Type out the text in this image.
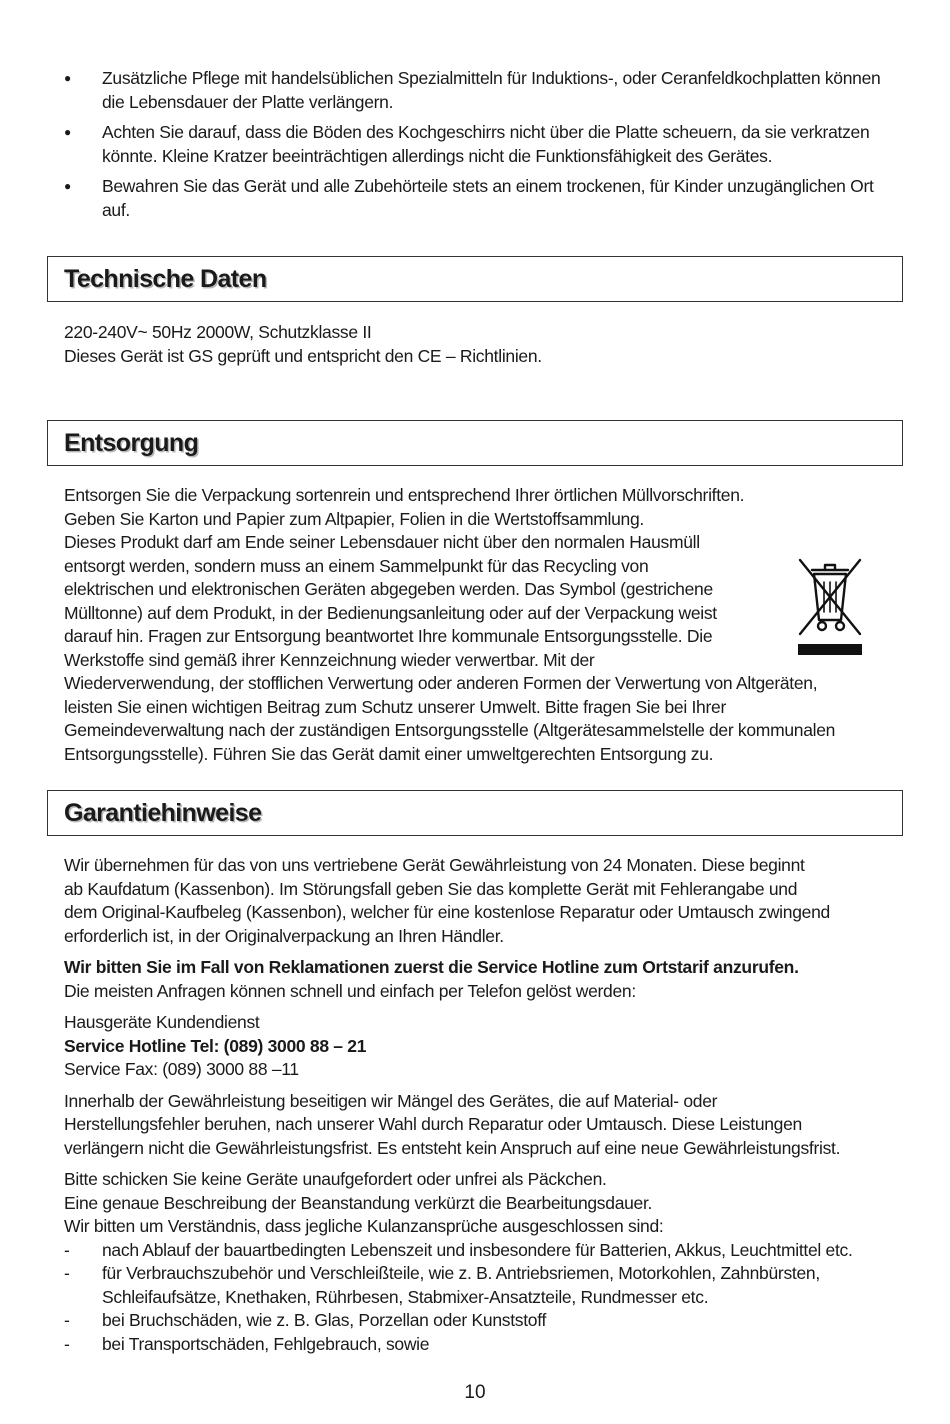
● Zusätzliche Pflege mit handelsüblichen Spezialmitteln für Induktions-, oder Ceranfeldkochplatten können die Lebensdauer der Platte verlängern.
● Achten Sie darauf, dass die Böden des Kochgeschirrs nicht über die Platte scheuern, da sie verkratzen könnte. Kleine Kratzer beeinträchtigen allerdings nicht die Funktionsfähigkeit des Gerätes.
● Bewahren Sie das Gerät und alle Zubehörteile stets an einem trockenen, für Kinder unzugänglichen Ort auf.
Technische Daten

220-240V~ 50Hz 2000W, Schutzklasse II

Dieses Gerät ist GS geprüft und entspricht den CE – Richtlinien.

Entsorgung

Entsorgen Sie die Verpackung sortenrein und entsprechend Ihrer örtlichen Müllvorschriften.

Geben Sie Karton und Papier zum Altpapier, Folien in die Wertstoffsammlung.

Dieses Produkt darf am Ende seiner Lebensdauer nicht über den normalen Hausmüll

entsorgt werden, sondern muss an einem Sammelpunkt für das Recycling von

elektrischen und elektronischen Geräten abgegeben werden. Das Symbol (gestrichene

Mülltonne) auf dem Produkt, in der Bedienungsanleitung oder auf der Verpackung weist

darauf hin. Fragen zur Entsorgung beantwortet Ihre kommunale Entsorgungsstelle. Die

Werkstoffe sind gemäß ihrer Kennzeichnung wieder verwertbar. Mit der

Wiederverwendung, der stofflichen Verwertung oder anderen Formen der Verwertung von Altgeräten,

leisten Sie einen wichtigen Beitrag zum Schutz unserer Umwelt. Bitte fragen Sie bei Ihrer

Gemeindeverwaltung nach der zuständigen Entsorgungsstelle (Altgerätesammelstelle der kommunalen

Entsorgungsstelle). Führen Sie das Gerät damit einer umweltgerechten Entsorgung zu.

Garantiehinweise

Wir übernehmen für das von uns vertriebene Gerät Gewährleistung von 24 Monaten. Diese beginnt

ab Kaufdatum (Kassenbon). Im Störungsfall geben Sie das komplette Gerät mit Fehlerangabe und

dem Original-Kaufbeleg (Kassenbon), welcher für eine kostenlose Reparatur oder Umtausch zwingend

erforderlich ist, in der Originalverpackung an Ihren Händler.

Wir bitten Sie im Fall von Reklamationen zuerst die Service Hotline zum Ortstarif anzurufen.

Die meisten Anfragen können schnell und einfach per Telefon gelöst werden:

Hausgeräte Kundendienst

Service Hotline Tel: (089) 3000 88 – 21

Service Fax: (089) 3000 88 –11

Innerhalb der Gewährleistung beseitigen wir Mängel des Gerätes, die auf Material- oder

Herstellungsfehler beruhen, nach unserer Wahl durch Reparatur oder Umtausch. Diese Leistungen

verlängern nicht die Gewährleistungsfrist. Es entsteht kein Anspruch auf eine neue Gewährleistungsfrist.

Bitte schicken Sie keine Geräte unaufgefordert oder unfrei als Päckchen.

Eine genaue Beschreibung der Beanstandung verkürzt die Bearbeitungsdauer.

Wir bitten um Verständnis, dass jegliche Kulanzansprüche ausgeschlossen sind:

- nach Ablauf der bauartbedingten Lebenszeit und insbesondere für Batterien, Akkus, Leuchtmittel etc.
- für Verbrauchszubehör und Verschleißteile, wie z. B. Antriebsriemen, Motorkohlen, Zahnbürsten, Schleifaufsätze, Knethaken, Rührbesen, Stabmixer-Ansatzteile, Rundmesser etc.
- bei Bruchschäden, wie z. B. Glas, Porzellan oder Kunststoff
- bei Transportschäden, Fehlgebrauch, sowie
10
